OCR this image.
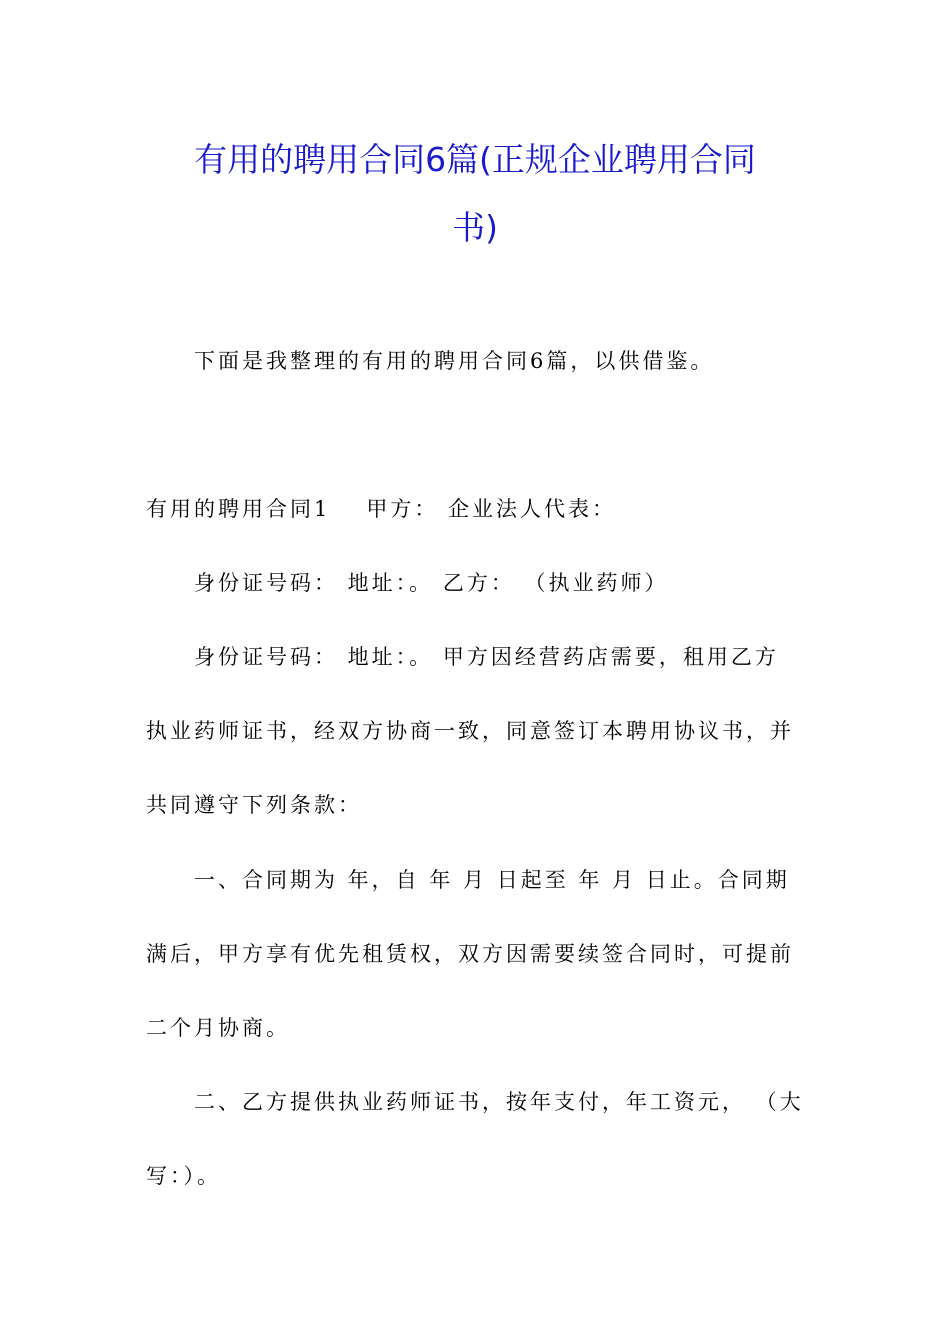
有用的聘用合同6篇(正规企业聘用合同
书)

下面是我整理的有用的聘用合同6篇，以供借鉴。

有用的聘用合同1 甲方： 企业法人代表：

身份证号码： 地址：。 乙方： （执业药师）

身份证号码： 地址：。 甲方因经营药店需要，租用乙方
执业药师证书，经双方协商一致，同意签订本聘用协议书，并
共同遵守下列条款：
一、合同期为 年，自 年 月 日起至 年 月 日止。合同期
满后，甲方享有优先租赁权，双方因需要续签合同时，可提前
二个月协商。
二、乙方提供执业药师证书，按年支付，年工资元， （大
写：）。
